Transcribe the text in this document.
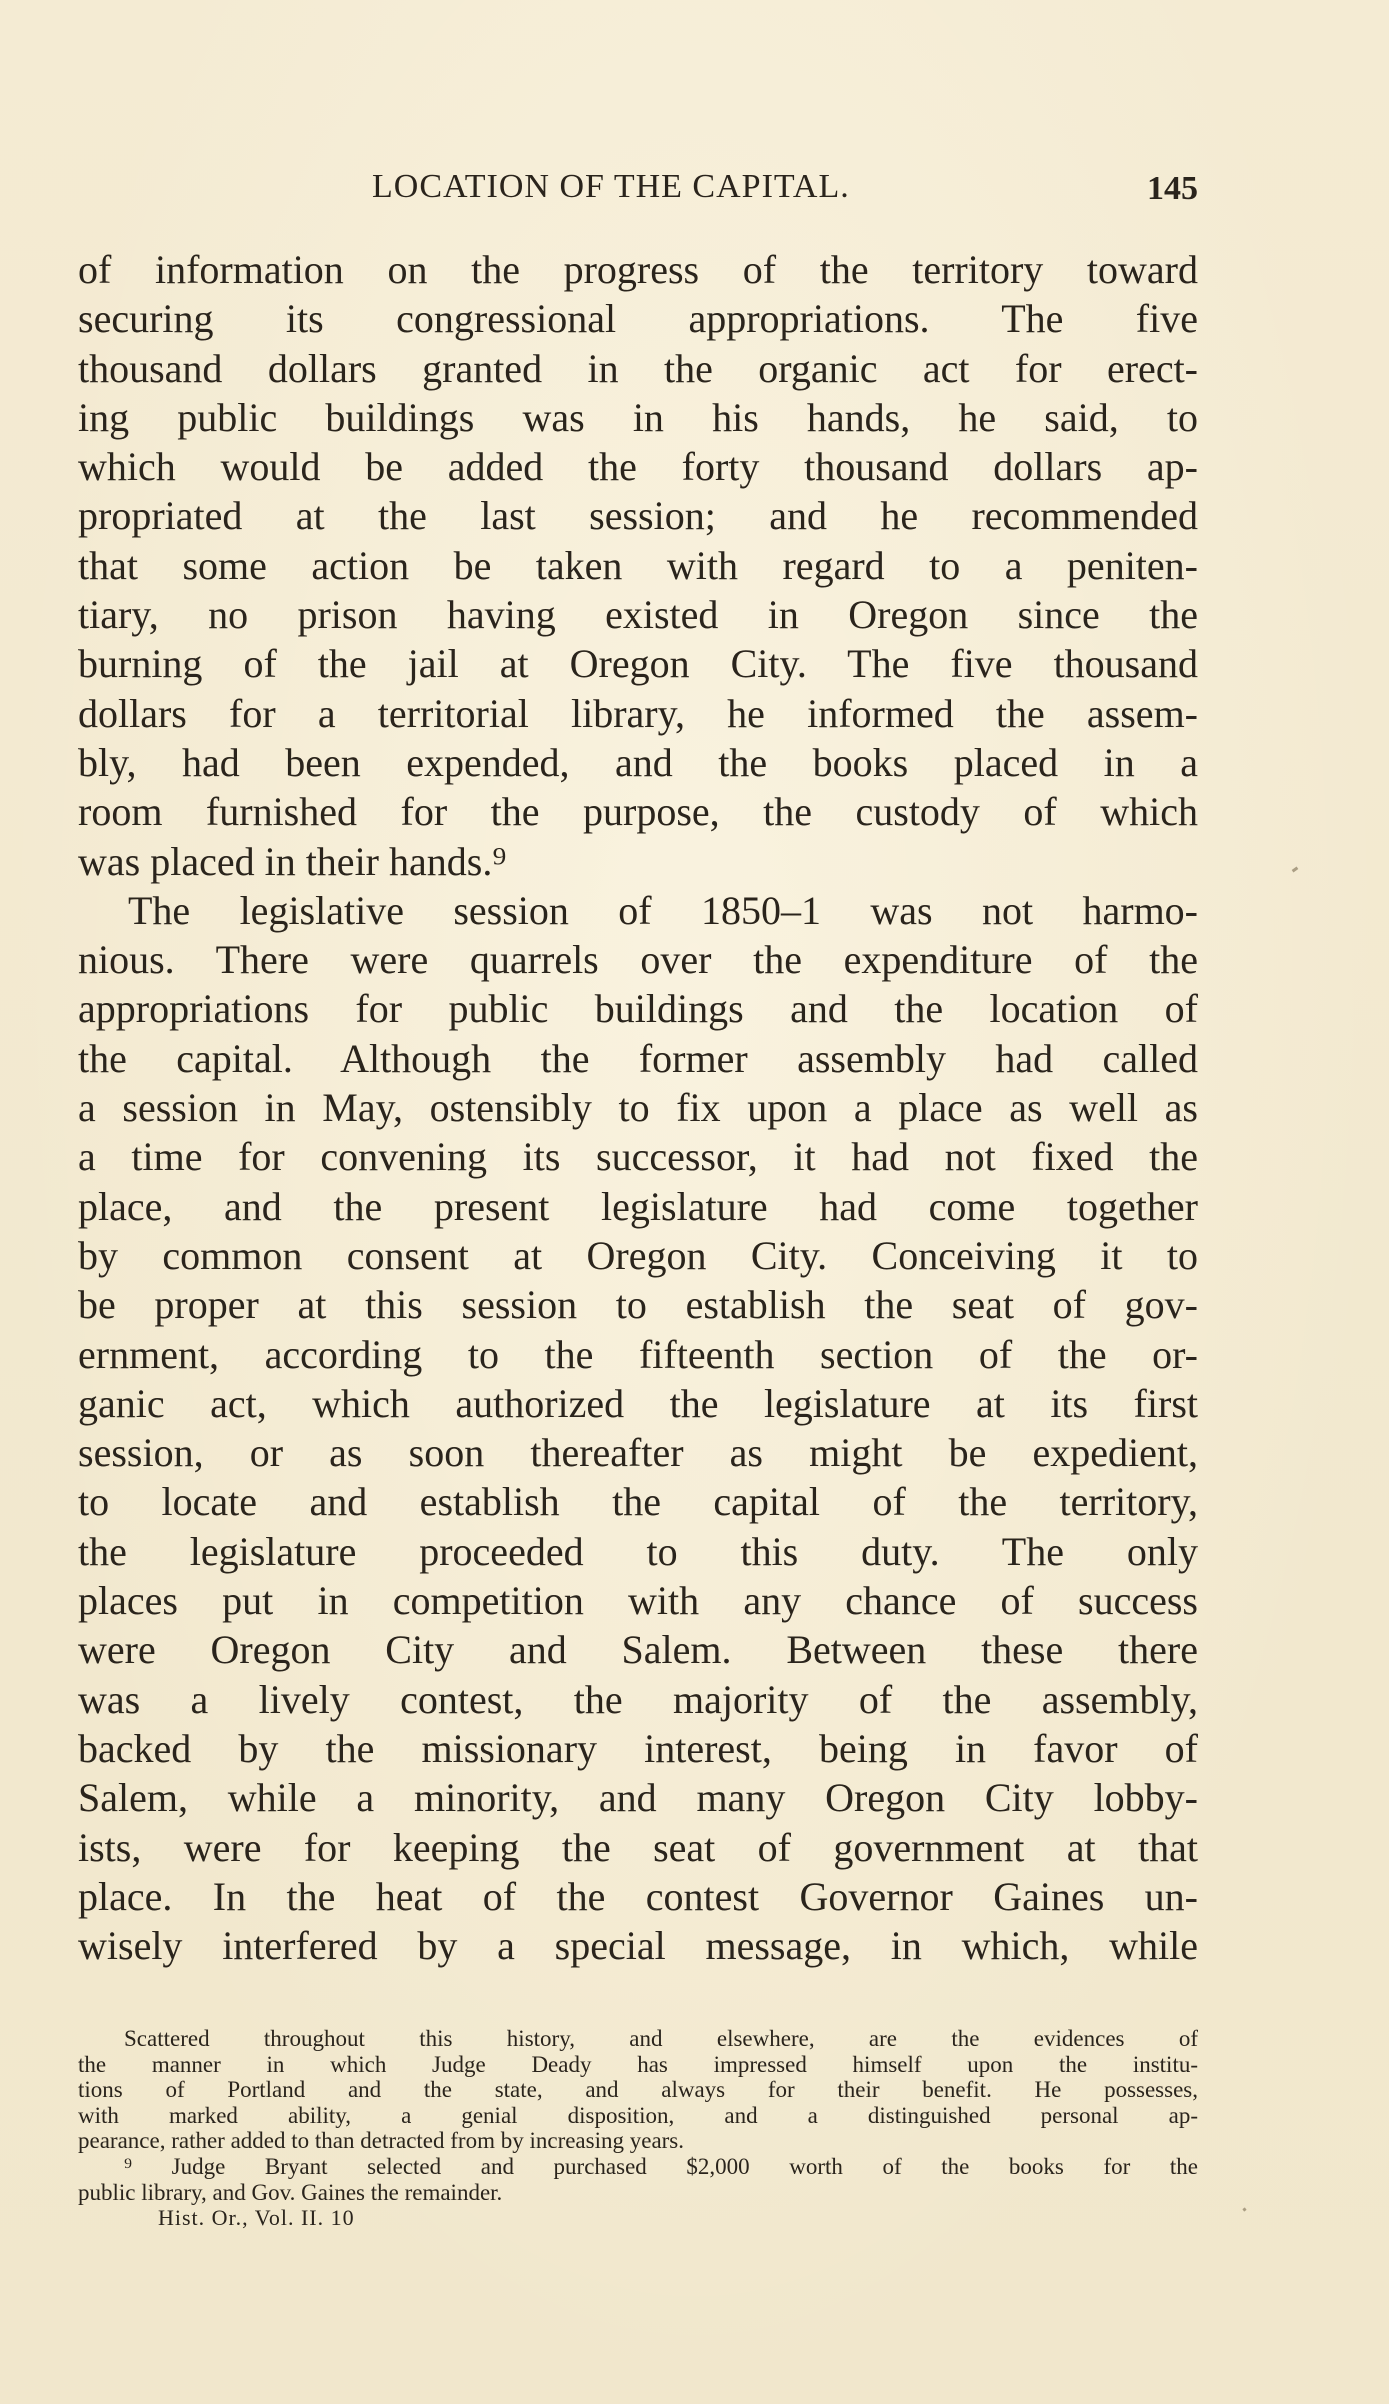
LOCATION OF THE CAPITAL.	145
of information on the progress of the territory toward
securing its congressional appropriations. The five
thousand dollars granted in the organic act for erect-
ing public buildings was in his hands, he said, to
which would be added the forty thousand dollars ap-
propriated at the last session; and he recommended
that some action be taken with regard to a peniten-
tiary, no prison having existed in Oregon since the
burning of the jail at Oregon City. The five thousand
dollars for a territorial library, he informed the assem-
bly, had been expended, and the books placed in a
room furnished for the purpose, the custody of which
was placed in their hands.⁹
The legislative session of 1850–1 was not harmo-
nious. There were quarrels over the expenditure of the
appropriations for public buildings and the location of
the capital. Although the former assembly had called
a session in May, ostensibly to fix upon a place as well as
a time for convening its successor, it had not fixed the
place, and the present legislature had come together
by common consent at Oregon City. Conceiving it to
be proper at this session to establish the seat of gov-
ernment, according to the fifteenth section of the or-
ganic act, which authorized the legislature at its first
session, or as soon thereafter as might be expedient,
to locate and establish the capital of the territory,
the legislature proceeded to this duty. The only
places put in competition with any chance of success
were Oregon City and Salem. Between these there
was a lively contest, the majority of the assembly,
backed by the missionary interest, being in favor of
Salem, while a minority, and many Oregon City lobby-
ists, were for keeping the seat of government at that
place. In the heat of the contest Governor Gaines un-
wisely interfered by a special message, in which, while
Scattered throughout this history, and elsewhere, are the evidences of
the manner in which Judge Deady has impressed himself upon the institu-
tions of Portland and the state, and always for their benefit. He possesses,
with marked ability, a genial disposition, and a distinguished personal ap-
pearance, rather added to than detracted from by increasing years.
⁹ Judge Bryant selected and purchased $2,000 worth of the books for the
public library, and Gov. Gaines the remainder.
Hist. Or., Vol. II. 10
